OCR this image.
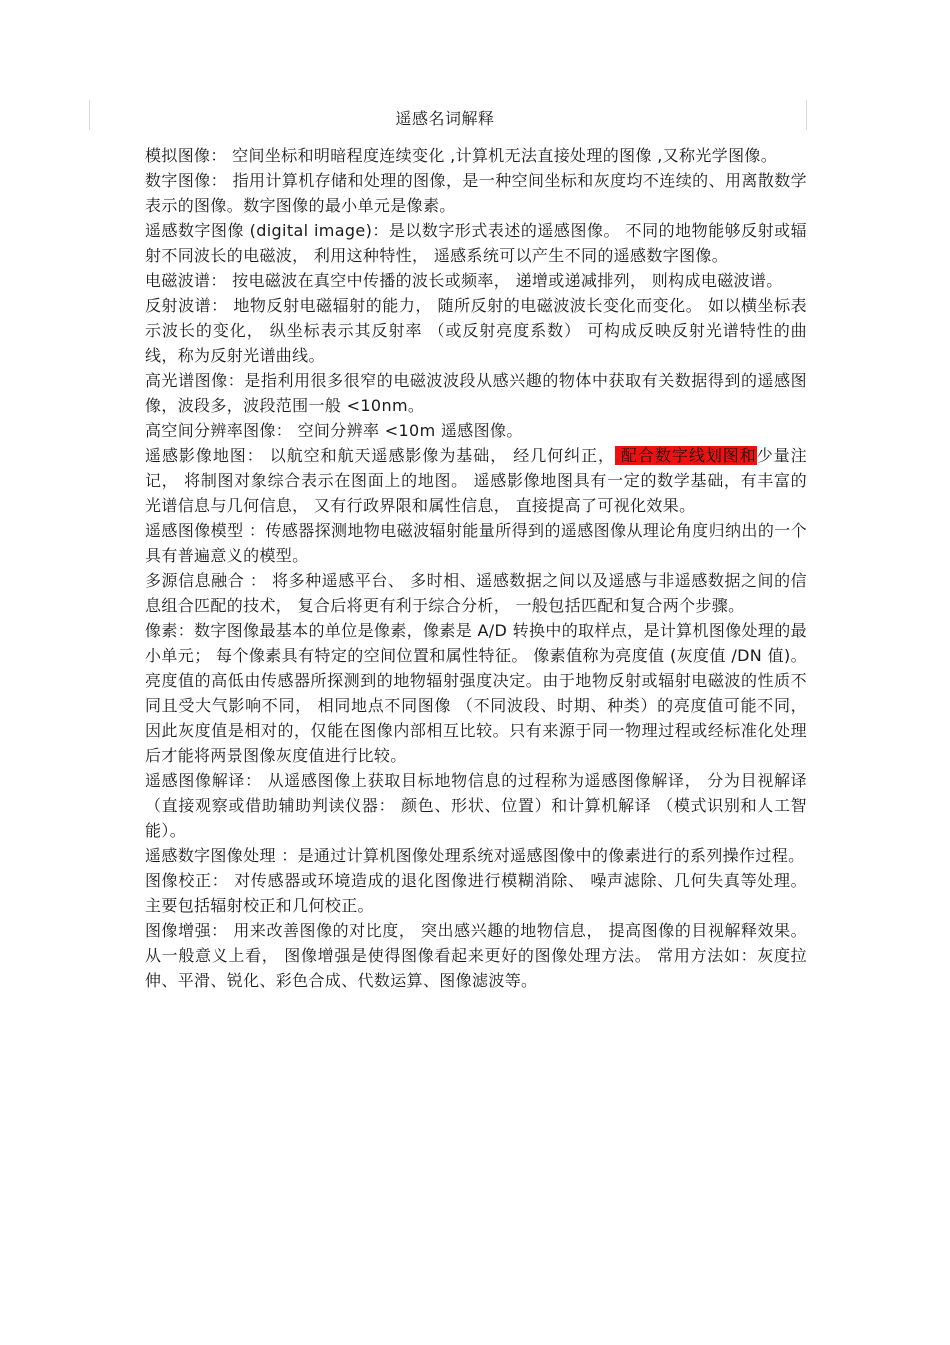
遥感名词解释

模拟图像： 空间坐标和明暗程度连续变化 ,计算机无法直接处理的图像 ,又称光学图像。

数字图像： 指用计算机存储和处理的图像，是一种空间坐标和灰度均不连续的、用离散数学表示的图像。数字图像的最小单元是像素。

遥感数字图像 (digital image)：是以数字形式表述的遥感图像。 不同的地物能够反射或辐射不同波长的电磁波， 利用这种特性， 遥感系统可以产生不同的遥感数字图像。

电磁波谱： 按电磁波在真空中传播的波长或频率， 递增或递减排列， 则构成电磁波谱。

反射波谱： 地物反射电磁辐射的能力， 随所反射的电磁波波长变化而变化。 如以横坐标表示波长的变化， 纵坐标表示其反射率 （或反射亮度系数） 可构成反映反射光谱特性的曲线，称为反射光谱曲线。

高光谱图像：是指利用很多很窄的电磁波波段从感兴趣的物体中获取有关数据得到的遥感图像，波段多，波段范围一般 <10nm。

高空间分辨率图像： 空间分辨率 <10m 遥感图像。

遥感影像地图： 以航空和航天遥感影像为基础， 经几何纠正， 配合数字线划图和少量注记， 将制图对象综合表示在图面上的地图。 遥感影像地图具有一定的数学基础，有丰富的光谱信息与几何信息， 又有行政界限和属性信息， 直接提高了可视化效果。

遥感图像模型 ：传感器探测地物电磁波辐射能量所得到的遥感图像从理论角度归纳出的一个具有普遍意义的模型。

多源信息融合 ： 将多种遥感平台、 多时相、遥感数据之间以及遥感与非遥感数据之间的信息组合匹配的技术， 复合后将更有利于综合分析， 一般包括匹配和复合两个步骤。

像素：数字图像最基本的单位是像素，像素是 A/D 转换中的取样点，是计算机图像处理的最小单元； 每个像素具有特定的空间位置和属性特征。 像素值称为亮度值 (灰度值 /DN 值)。亮度值的高低由传感器所探测到的地物辐射强度决定。由于地物反射或辐射电磁波的性质不同且受大气影响不同， 相同地点不同图像 （不同波段、时期、种类）的亮度值可能不同，因此灰度值是相对的，仅能在图像内部相互比较。只有来源于同一物理过程或经标准化处理后才能将两景图像灰度值进行比较。

遥感图像解译： 从遥感图像上获取目标地物信息的过程称为遥感图像解译， 分为目视解译（直接观察或借助辅助判读仪器： 颜色、形状、位置）和计算机解译 （模式识别和人工智能）。

遥感数字图像处理 ：是通过计算机图像处理系统对遥感图像中的像素进行的系列操作过程。

图像校正： 对传感器或环境造成的退化图像进行模糊消除、 噪声滤除、几何失真等处理。主要包括辐射校正和几何校正。

图像增强： 用来改善图像的对比度， 突出感兴趣的地物信息， 提高图像的目视解释效果。从一般意义上看， 图像增强是使得图像看起来更好的图像处理方法。 常用方法如：灰度拉伸、平滑、锐化、彩色合成、代数运算、图像滤波等。
